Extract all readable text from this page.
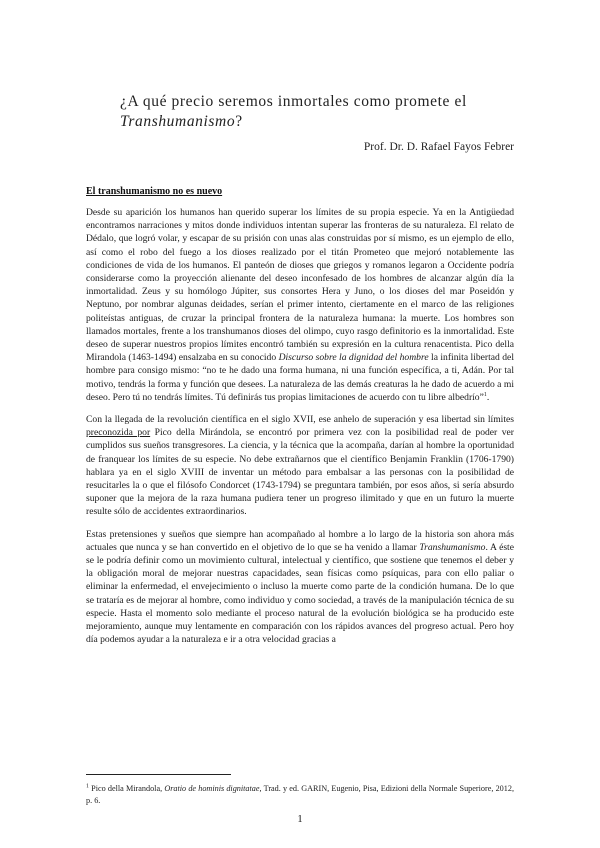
¿A qué precio seremos inmortales como promete el Transhumanismo?
Prof. Dr. D. Rafael Fayos Febrer
El transhumanismo no es nuevo

Desde su aparición los humanos han querido superar los límites de su propia especie. Ya en la Antigüedad encontramos narraciones y mitos donde individuos intentan superar las fronteras de su naturaleza. El relato de Dédalo, que logró volar, y escapar de su prisión con unas alas construidas por sí mismo, es un ejemplo de ello, así como el robo del fuego a los dioses realizado por el titán Prometeo que mejoró notablemente las condiciones de vida de los humanos. El panteón de dioses que griegos y romanos legaron a Occidente podría considerarse como la proyección alienante del deseo inconfesado de los hombres de alcanzar algún día la inmortalidad. Zeus y su homólogo Júpiter, sus consortes Hera y Juno, o los dioses del mar Poseidón y Neptuno, por nombrar algunas deidades, serían el primer intento, ciertamente en el marco de las religiones politeístas antiguas, de cruzar la principal frontera de la naturaleza humana: la muerte. Los hombres son llamados mortales, frente a los transhumanos dioses del olimpo, cuyo rasgo definitorio es la inmortalidad. Este deseo de superar nuestros propios límites encontró también su expresión en la cultura renacentista. Pico della Mirandola (1463-1494) ensalzaba en su conocido Discurso sobre la dignidad del hombre la infinita libertad del hombre para consigo mismo: “no te he dado una forma humana, ni una función específica, a ti, Adán. Por tal motivo, tendrás la forma y función que desees. La naturaleza de las demás creaturas la he dado de acuerdo a mi deseo. Pero tú no tendrás límites. Tú definirás tus propias limitaciones de acuerdo con tu libre albedrío”$^1$.

Con la llegada de la revolución científica en el siglo XVII, ese anhelo de superación y esa libertad sin límites preconozida por Pico della Mirándola, se encontró por primera vez con la posibilidad real de poder ver cumplidos sus sueños transgresores. La ciencia, y la técnica que la acompaña, darían al hombre la oportunidad de franquear los límites de su especie. No debe extrañarnos que el científico Benjamin Franklin (1706-1790) hablara ya en el siglo XVIII de inventar un método para embalsar a las personas con la posibilidad de resucitarles la o que el filósofo Condorcet (1743-1794) se preguntara también, por esos años, si sería absurdo suponer que la mejora de la raza humana pudiera tener un progreso ilimitado y que en un futuro la muerte resulte sólo de accidentes extraordinarios.

Estas pretensiones y sueños que siempre han acompañado al hombre a lo largo de la historia son ahora más actuales que nunca y se han convertido en el objetivo de lo que se ha venido a llamar Transhumanismo. A éste se le podría definir como un movimiento cultural, intelectual y científico, que sostiene que tenemos el deber y la obligación moral de mejorar nuestras capacidades, sean físicas como psíquicas, para con ello paliar o eliminar la enfermedad, el envejecimiento o incluso la muerte como parte de la condición humana. De lo que se trataría es de mejorar al hombre, como individuo y como sociedad, a través de la manipulación técnica de su especie. Hasta el momento solo mediante el proceso natural de la evolución biológica se ha producido este mejoramiento, aunque muy lentamente en comparación con los rápidos avances del progreso actual. Pero hoy día podemos ayudar a la naturaleza e ir a otra velocidad gracias a

$^1$ Pico della Mirandola, Oratio de hominis dignitatae, Trad. y ed. GARIN, Eugenio, Pisa, Edizioni della Normale Superiore, 2012, p. 6.
1
